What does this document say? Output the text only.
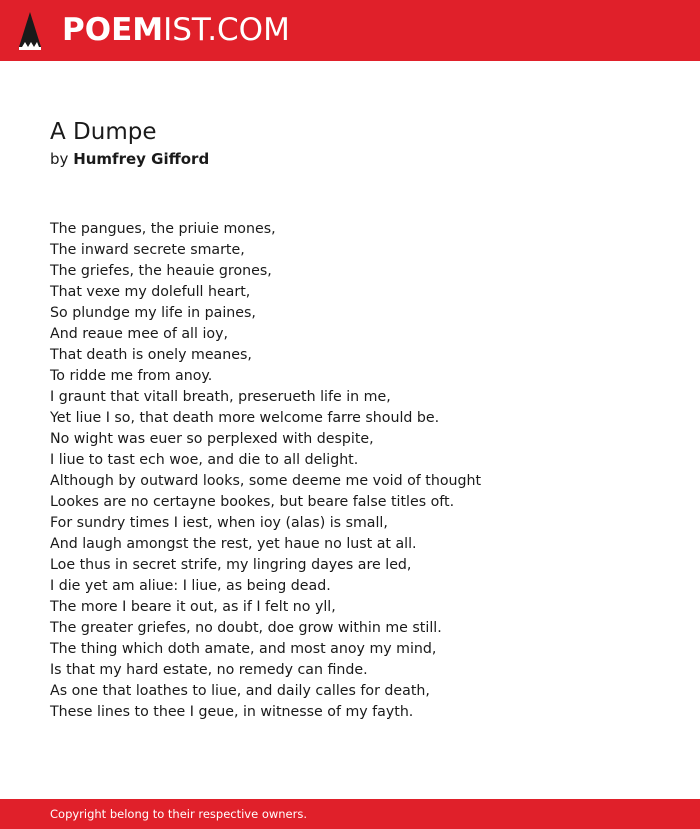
POEMIST.COM
A Dumpe
by Humfrey Gifford
The pangues, the priuie mones,
The inward secrete smarte,
The griefes, the heauie grones,
That vexe my dolefull heart,
So plundge my life in paines,
And reaue mee of all ioy,
That death is onely meanes,
To ridde me from anoy.
I graunt that vitall breath, preserueth life in me,
Yet liue I so, that death more welcome farre should be.
No wight was euer so perplexed with despite,
I liue to tast ech woe, and die to all delight.
Although by outward looks, some deeme me void of thought
Lookes are no certayne bookes, but beare false titles oft.
For sundry times I iest, when ioy (alas) is small,
And laugh amongst the rest, yet haue no lust at all.
Loe thus in secret strife, my lingring dayes are led,
I die yet am aliue: I liue, as being dead.
The more I beare it out, as if I felt no yll,
The greater griefes, no doubt, doe grow within me still.
The thing which doth amate, and most anoy my mind,
Is that my hard estate, no remedy can finde.
As one that loathes to liue, and daily calles for death,
These lines to thee I geue, in witnesse of my fayth.
Copyright belong to their respective owners.
